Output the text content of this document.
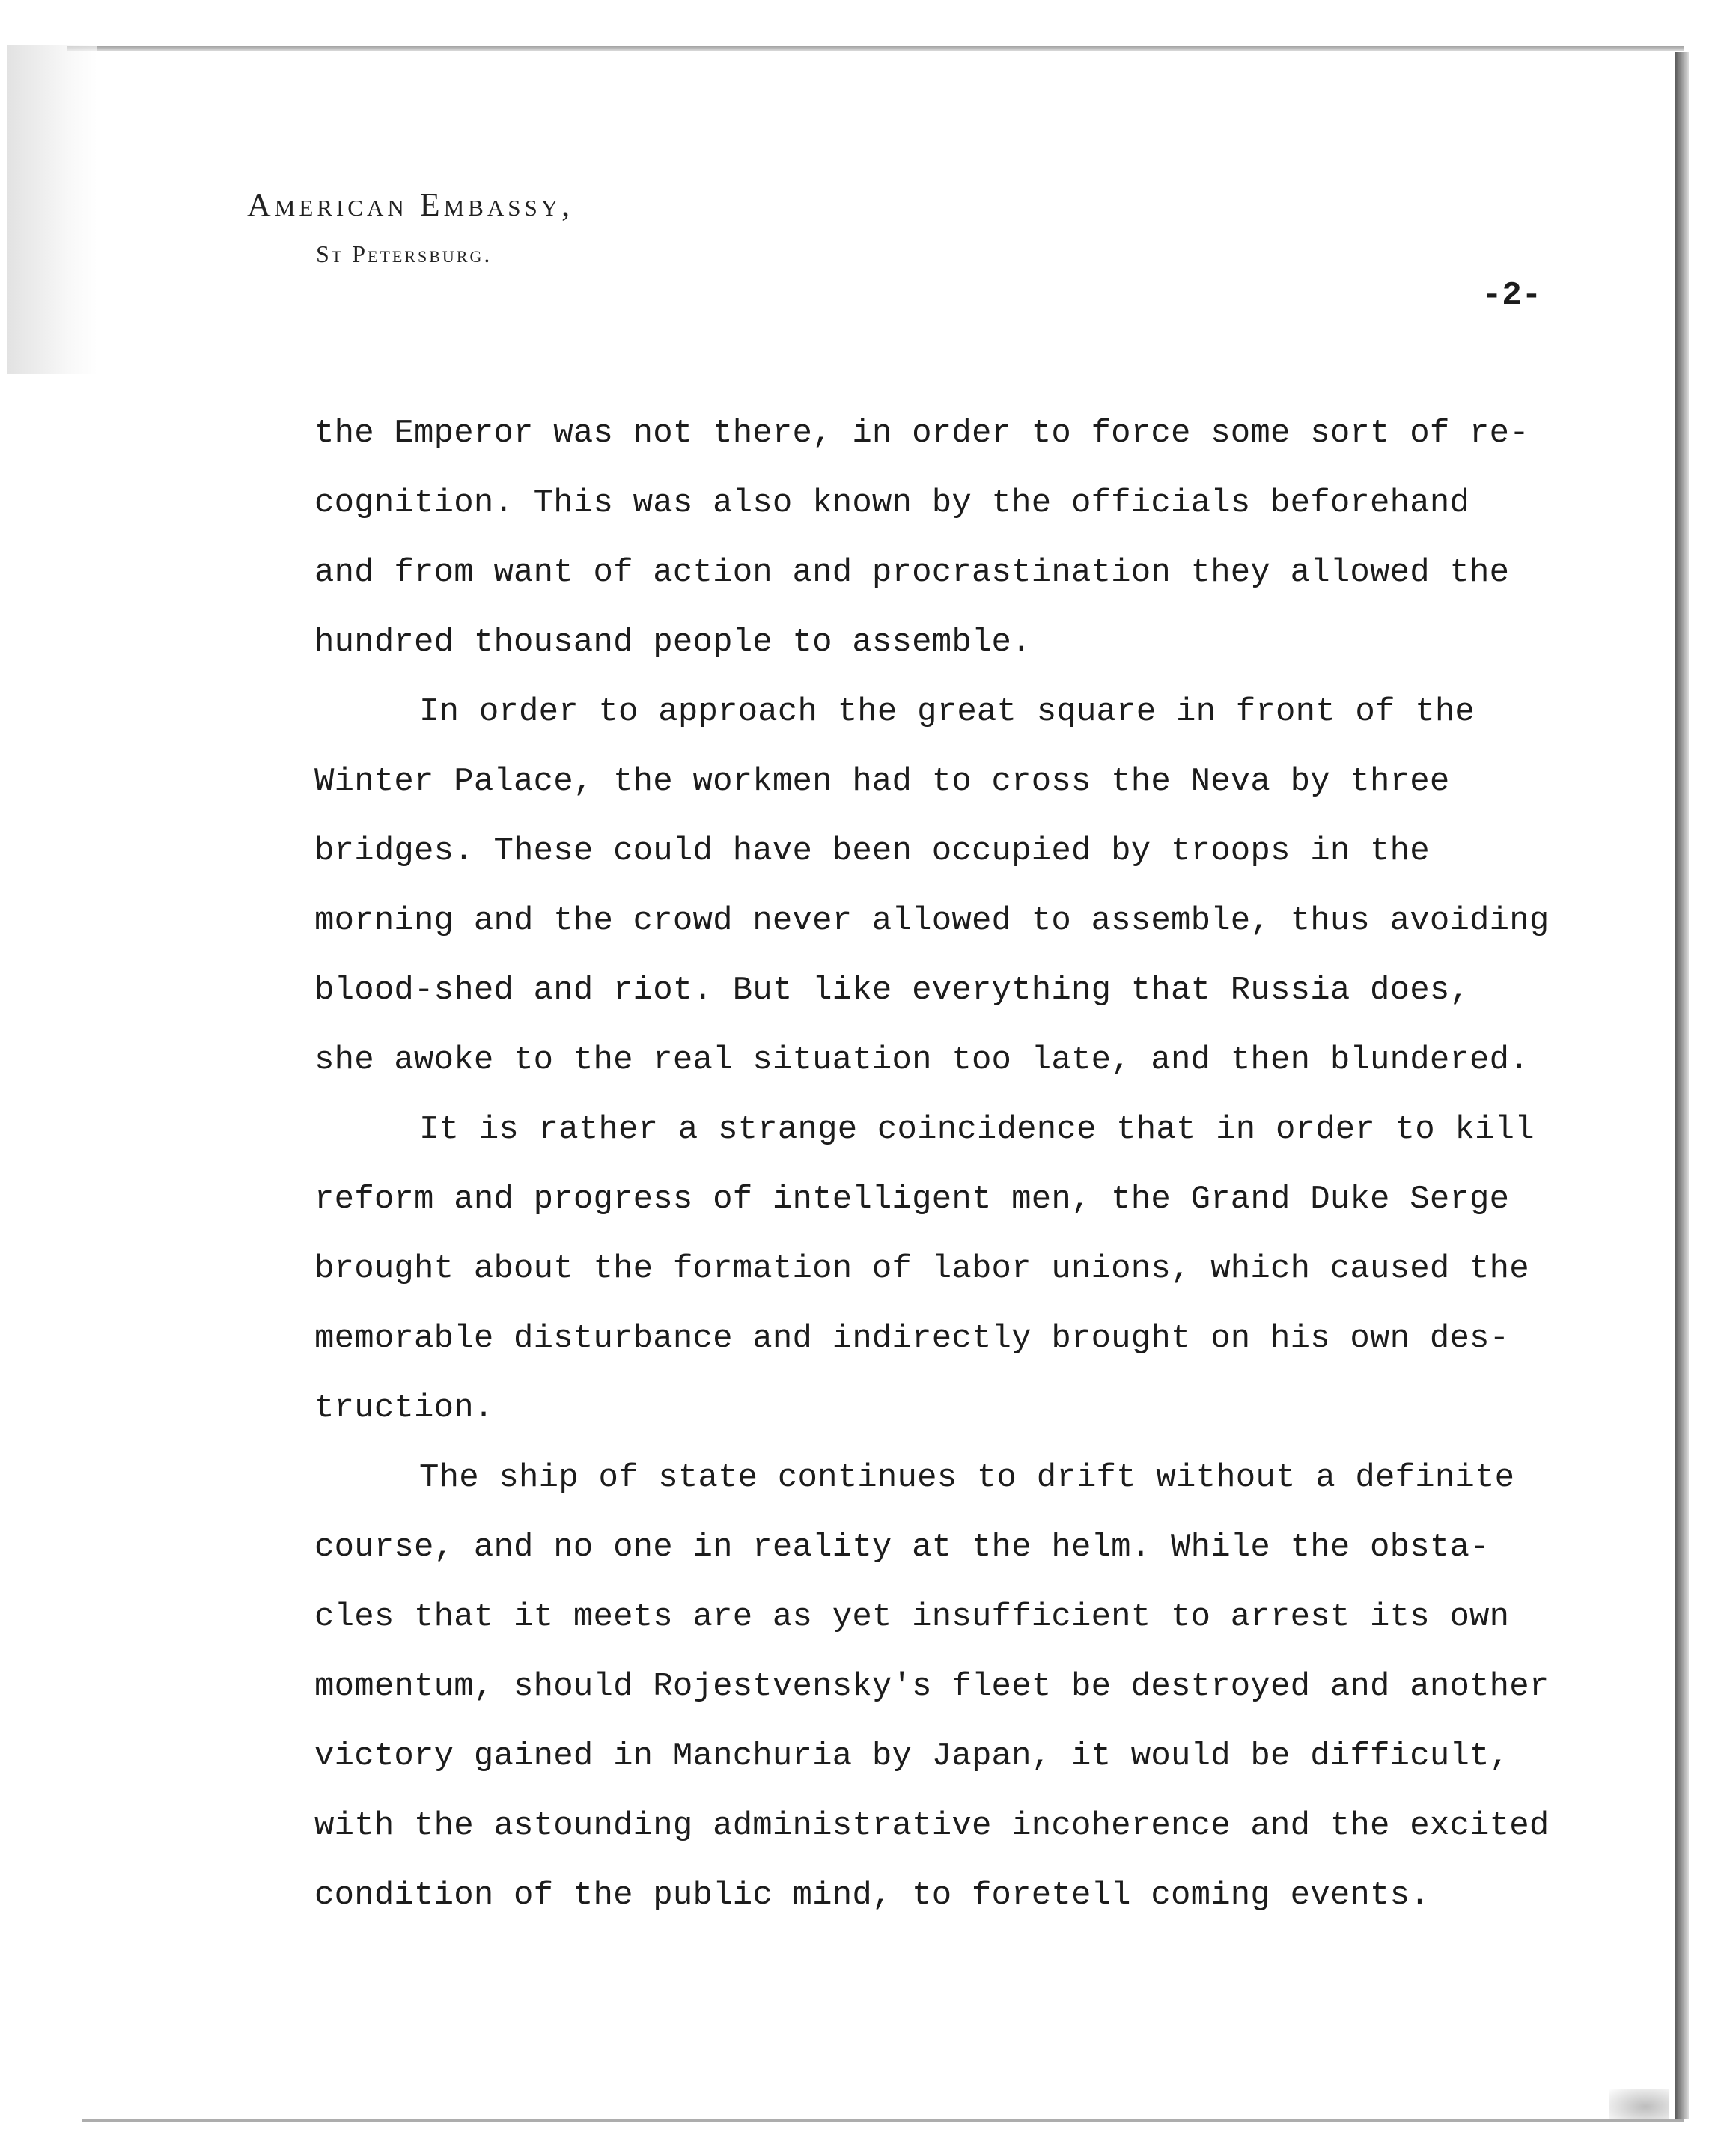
American Embassy,
St Petersburg.
-2-
the Emperor was not there, in order to force some sort of re-
cognition. This was also known by the officials beforehand
and from want of action and procrastination they allowed the
hundred thousand people to assemble.
In order to approach the great square in front of the
Winter Palace, the workmen had to cross the Neva by three
bridges. These could have been occupied by troops in the
morning and the crowd never allowed to assemble, thus avoiding
blood-shed and riot. But like everything that Russia does,
she awoke to the real situation too late, and then blundered.
It is rather a strange coincidence that in order to kill
reform and progress of intelligent men, the Grand Duke Serge
brought about the formation of labor unions, which caused the
memorable disturbance and indirectly brought on his own des-
truction.
The ship of state continues to drift without a definite
course, and no one in reality at the helm. While the obsta-
cles that it meets are as yet insufficient to arrest its own
momentum, should Rojestvensky's fleet be destroyed and another
victory gained in Manchuria by Japan, it would be difficult,
with the astounding administrative incoherence and the excited
condition of the public mind, to foretell coming events.
